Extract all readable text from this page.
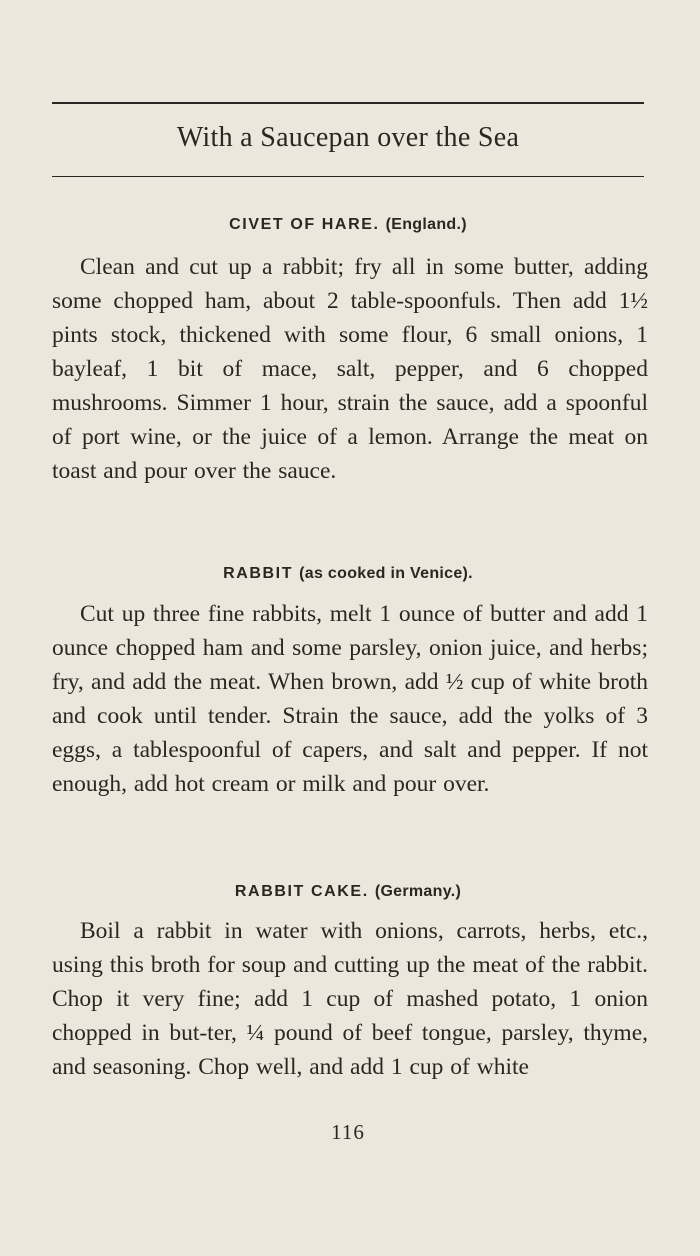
With a Saucepan over the Sea
CIVET OF HARE. (England.)

Clean and cut up a rabbit; fry all in some butter, adding some chopped ham, about 2 table-spoonfuls. Then add 1½ pints stock, thickened with some flour, 6 small onions, 1 bayleaf, 1 bit of mace, salt, pepper, and 6 chopped mushrooms. Simmer 1 hour, strain the sauce, add a spoonful of port wine, or the juice of a lemon. Arrange the meat on toast and pour over the sauce.

RABBIT (as cooked in Venice).

Cut up three fine rabbits, melt 1 ounce of butter and add 1 ounce chopped ham and some parsley, onion juice, and herbs; fry, and add the meat. When brown, add ½ cup of white broth and cook until tender. Strain the sauce, add the yolks of 3 eggs, a tablespoonful of capers, and salt and pepper. If not enough, add hot cream or milk and pour over.

RABBIT CAKE. (Germany.)

Boil a rabbit in water with onions, carrots, herbs, etc., using this broth for soup and cutting up the meat of the rabbit. Chop it very fine; add 1 cup of mashed potato, 1 onion chopped in but-ter, ¼ pound of beef tongue, parsley, thyme, and seasoning. Chop well, and add 1 cup of white

116
